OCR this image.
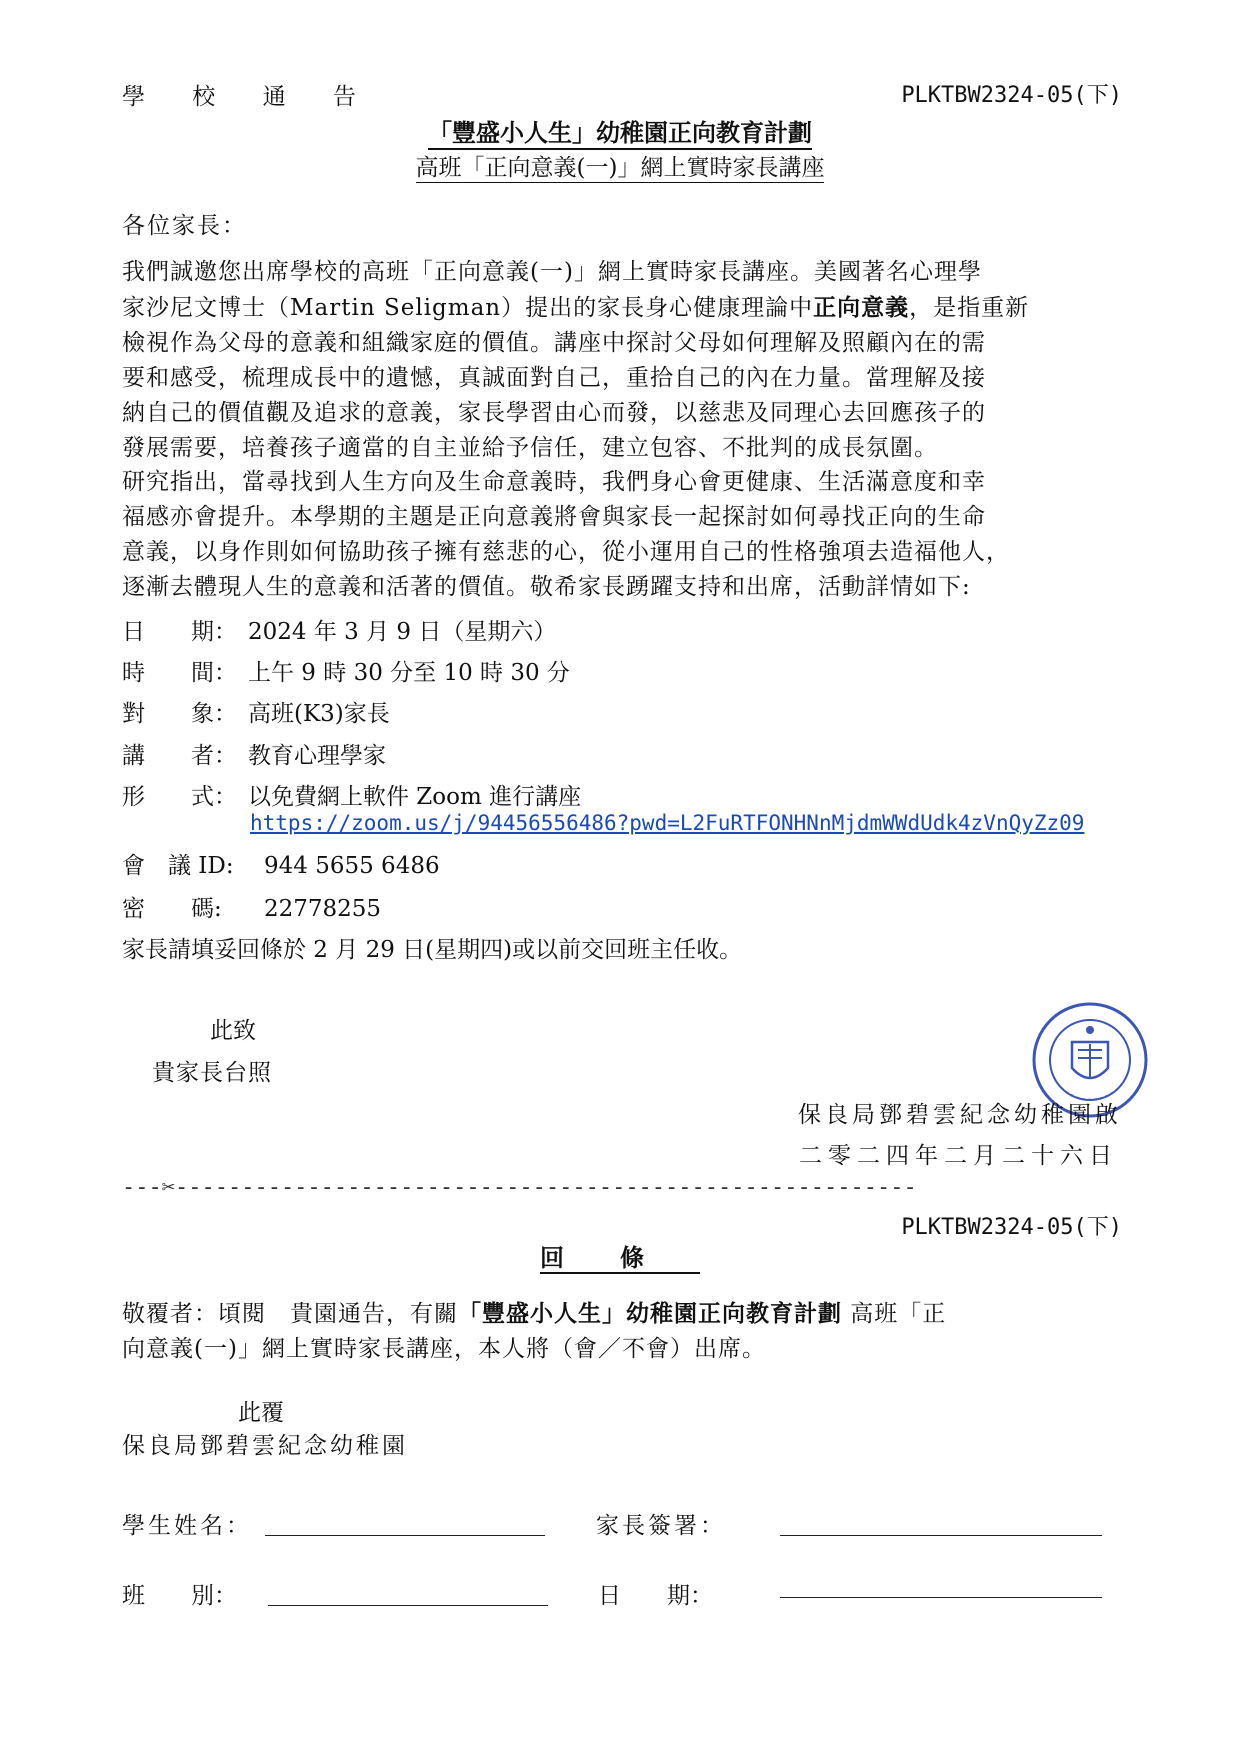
學 校 通 告	PLKTBW2324-05(下)
「豐盛小人生」幼稚園正向教育計劃
高班「正向意義(一)」網上實時家長講座
各位家長：
我們誠邀您出席學校的高班「正向意義(一)」網上實時家長講座。美國著名心理學
家沙尼文博士（Martin Seligman）提出的家長身心健康理論中正向意義，是指重新
檢視作為父母的意義和組織家庭的價值。講座中探討父母如何理解及照顧內在的需
要和感受，梳理成長中的遺憾，真誠面對自己，重拾自己的內在力量。當理解及接
納自己的價值觀及追求的意義，家長學習由心而發，以慈悲及同理心去回應孩子的
發展需要，培養孩子適當的自主並給予信任，建立包容、不批判的成長氛圍。
研究指出，當尋找到人生方向及生命意義時，我們身心會更健康、生活滿意度和幸
福感亦會提升。本學期的主題是正向意義將會與家長一起探討如何尋找正向的生命
意義，以身作則如何協助孩子擁有慈悲的心，從小運用自己的性格強項去造福他人，
逐漸去體現人生的意義和活著的價值。敬希家長踴躍支持和出席，活動詳情如下:
日　　期： 2024 年 3 月 9 日（星期六）
時　　間： 上午 9 時 30 分至 10 時 30 分
對　　象： 高班(K3)家長
講　　者： 教育心理學家
形　　式： 以免費網上軟件 Zoom 進行講座
https://zoom.us/j/94456556486?pwd=L2FuRTFONHNnMjdmWWdUdk4zVnQyZz09
會　議 ID: 944 5655 6486
密　　碼: 22778255
家長請填妥回條於 2 月 29 日(星期四)或以前交回班主任收。
此致
貴家長台照
保良局鄧碧雲紀念幼稚園啟
二零二四年二月二十六日
---✂--------------------------------------------------------
PLKTBW2324-05(下)
回條
敬覆者：頃閱　貴園通告，有關「豐盛小人生」幼稚園正向教育計劃 高班「正
向意義(一)」網上實時家長講座，本人將（會／不會）出席。
此覆
保良局鄧碧雲紀念幼稚園
學生姓名：	家長簽署：
班　　別：	日　　期：
